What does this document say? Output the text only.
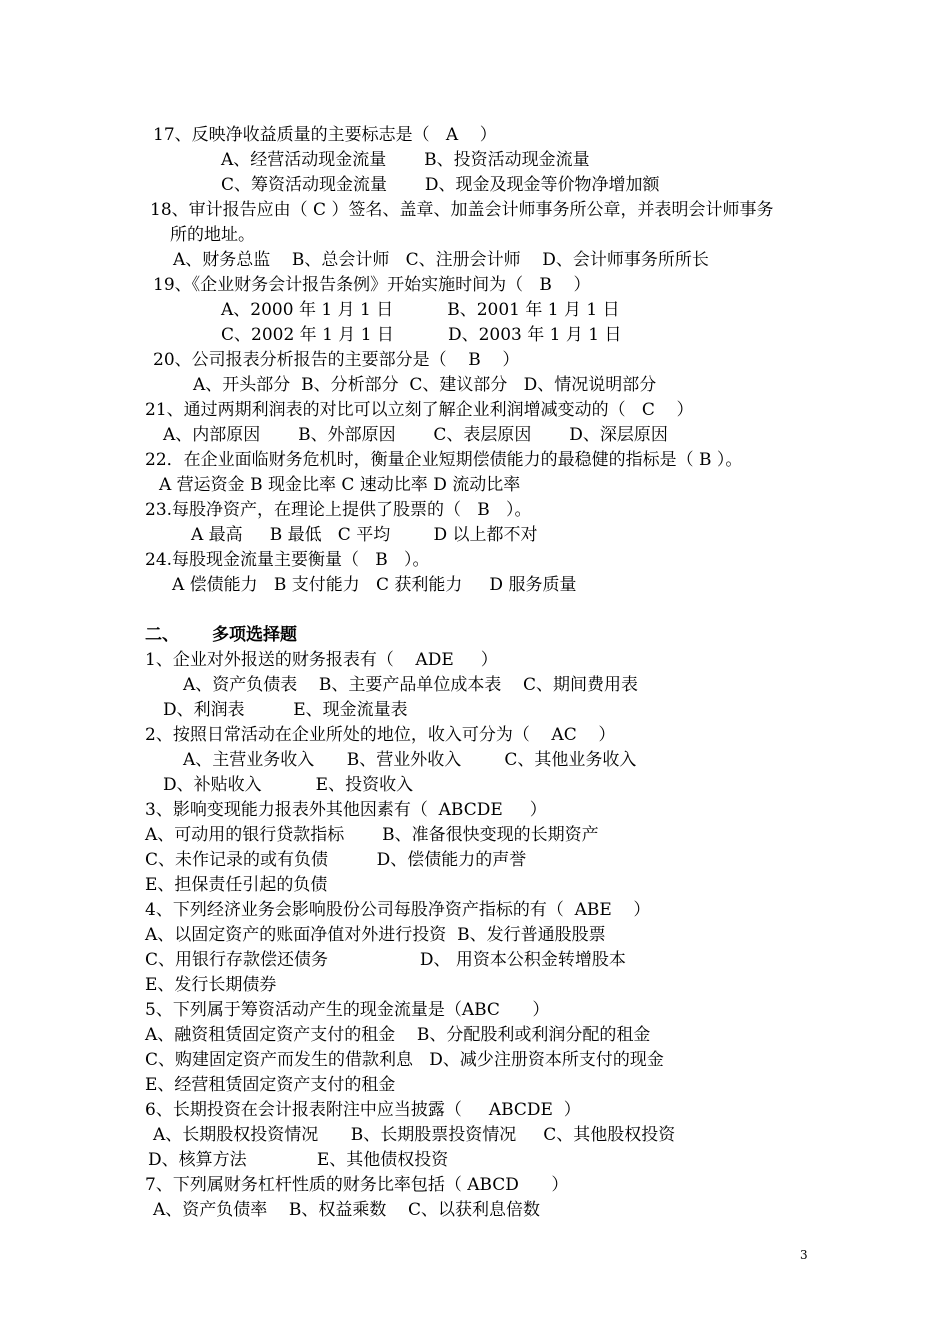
17、反映净收益质量的主要标志是（   A    ）
A、经营活动现金流量       B、投资活动现金流量
C、筹资活动现金流量       D、现金及现金等价物净增加额
18、审计报告应由（ C ）签名、盖章、加盖会计师事务所公章，并表明会计师事务
所的地址。
A、财务总监    B、总会计师   C、注册会计师    D、会计师事务所所长
19、《企业财务会计报告条例》开始实施时间为（   B    ）
A、2000 年 1 月 1 日          B、2001 年 1 月 1 日
C、2002 年 1 月 1 日          D、2003 年 1 月 1 日
20、公司报表分析报告的主要部分是（    B    ）
A、开头部分  B、分析部分  C、建议部分   D、情况说明部分
21、通过两期利润表的对比可以立刻了解企业利润增减变动的（   C    ）
A、内部原因       B、外部原因       C、表层原因       D、深层原因
22．在企业面临财务危机时，衡量企业短期偿债能力的最稳健的指标是（ B ）。
A 营运资金 B 现金比率 C 速动比率 D 流动比率
23.每股净资产，在理论上提供了股票的（   B   ）。
A 最高     B 最低   C 平均        D 以上都不对
24.每股现金流量主要衡量（   B   ）。
A 偿债能力   B 支付能力   C 获利能力     D 服务质量
二、 多项选择题
1、企业对外报送的财务报表有（    ADE     ）
A、资产负债表    B、主要产品单位成本表    C、期间费用表
D、利润表         E、现金流量表
2、按照日常活动在企业所处的地位，收入可分为（    AC    ）
A、主营业务收入      B、营业外收入        C、其他业务收入
D、补贴收入          E、投资收入
3、影响变现能力报表外其他因素有（  ABCDE     ）
A、可动用的银行贷款指标       B、准备很快变现的长期资产
C、未作记录的或有负债         D、偿债能力的声誉
E、担保责任引起的负债
4、下列经济业务会影响股份公司每股净资产指标的有（  ABE    ）
A、以固定资产的账面净值对外进行投资  B、发行普通股股票
C、用银行存款偿还债务                 D、 用资本公积金转增股本
E、发行长期债券
5、下列属于筹资活动产生的现金流量是（ABC      ）
A、融资租赁固定资产支付的租金    B、分配股利或利润分配的租金
C、购建固定资产而发生的借款利息   D、减少注册资本所支付的现金
E、经营租赁固定资产支付的租金
6、长期投资在会计报表附注中应当披露（     ABCDE  ）
A、长期股权投资情况      B、长期股票投资情况     C、其他股权投资
D、核算方法             E、其他债权投资
7、下列属财务杠杆性质的财务比率包括（ ABCD      ）
A、资产负债率    B、权益乘数    C、以获利息倍数
3
